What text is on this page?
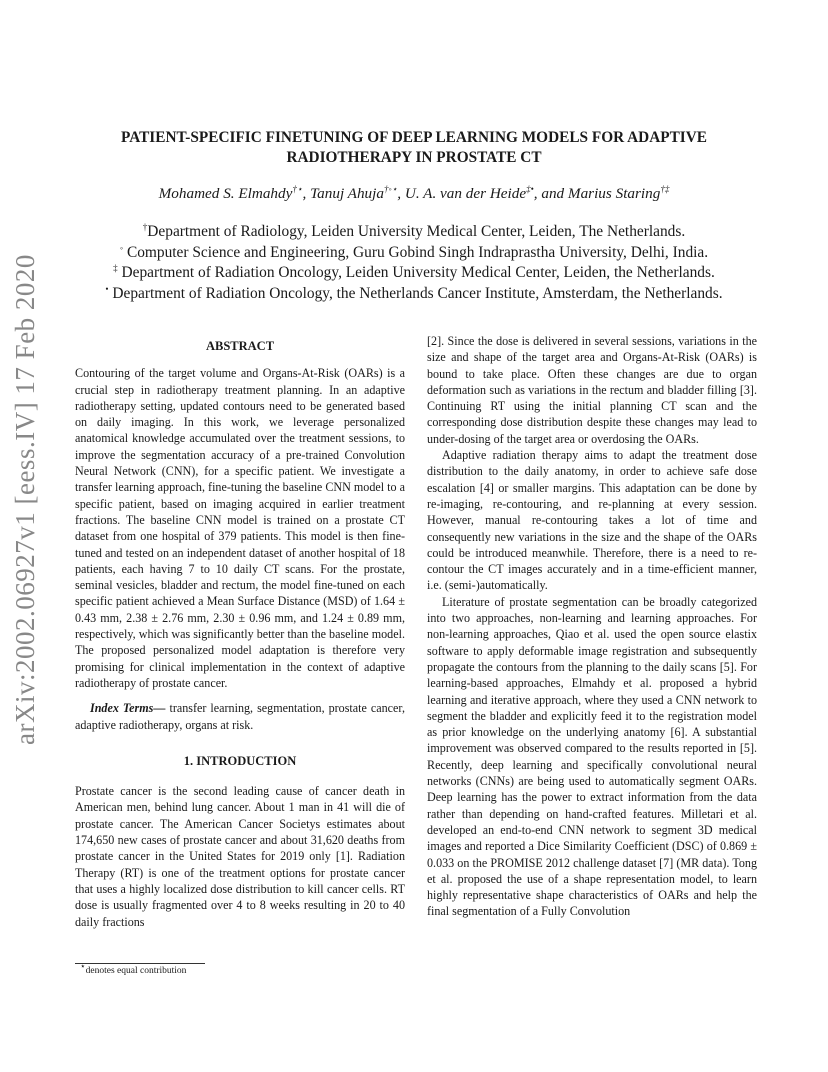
arXiv:2002.06927v1 [eess.IV] 17 Feb 2020
PATIENT-SPECIFIC FINETUNING OF DEEP LEARNING MODELS FOR ADAPTIVE
RADIOTHERAPY IN PROSTATE CT
Mohamed S. Elmahdy†⋆, Tanuj Ahuja†◦⋆, U. A. van der Heide‡•, and Marius Staring†‡
†Department of Radiology, Leiden University Medical Center, Leiden, The Netherlands.
◦ Computer Science and Engineering, Guru Gobind Singh Indraprastha University, Delhi, India.
‡ Department of Radiation Oncology, Leiden University Medical Center, Leiden, the Netherlands.
• Department of Radiation Oncology, the Netherlands Cancer Institute, Amsterdam, the Netherlands.
ABSTRACT

Contouring of the target volume and Organs-At-Risk (OARs) is a crucial step in radiotherapy treatment planning. In an adaptive radiotherapy setting, updated contours need to be generated based on daily imaging. In this work, we leverage personalized anatomical knowledge accumulated over the treatment sessions, to improve the segmentation accuracy of a pre-trained Convolution Neural Network (CNN), for a specific patient. We investigate a transfer learning approach, fine-tuning the baseline CNN model to a specific patient, based on imaging acquired in earlier treatment fractions. The baseline CNN model is trained on a prostate CT dataset from one hospital of 379 patients. This model is then fine-tuned and tested on an independent dataset of another hospital of 18 patients, each having 7 to 10 daily CT scans. For the prostate, seminal vesicles, bladder and rectum, the model fine-tuned on each specific patient achieved a Mean Surface Distance (MSD) of 1.64 ± 0.43 mm, 2.38 ± 2.76 mm, 2.30 ± 0.96 mm, and 1.24 ± 0.89 mm, respectively, which was significantly better than the baseline model. The proposed personalized model adaptation is therefore very promising for clinical implementation in the context of adaptive radiotherapy of prostate cancer.

Index Terms— transfer learning, segmentation, prostate cancer, adaptive radiotherapy, organs at risk.

1. INTRODUCTION

Prostate cancer is the second leading cause of cancer death in American men, behind lung cancer. About 1 man in 41 will die of prostate cancer. The American Cancer Societys estimates about 174,650 new cases of prostate cancer and about 31,620 deaths from prostate cancer in the United States for 2019 only [1]. Radiation Therapy (RT) is one of the treatment options for prostate cancer that uses a highly localized dose distribution to kill cancer cells. RT dose is usually fragmented over 4 to 8 weeks resulting in 20 to 40 daily fractions

[2]. Since the dose is delivered in several sessions, variations in the size and shape of the target area and Organs-At-Risk (OARs) is bound to take place. Often these changes are due to organ deformation such as variations in the rectum and bladder filling [3]. Continuing RT using the initial planning CT scan and the corresponding dose distribution despite these changes may lead to under-dosing of the target area or overdosing the OARs.

Adaptive radiation therapy aims to adapt the treatment dose distribution to the daily anatomy, in order to achieve safe dose escalation [4] or smaller margins. This adaptation can be done by re-imaging, re-contouring, and re-planning at every session. However, manual re-contouring takes a lot of time and consequently new variations in the size and the shape of the OARs could be introduced meanwhile. Therefore, there is a need to re-contour the CT images accurately and in a time-efficient manner, i.e. (semi-)automatically.

Literature of prostate segmentation can be broadly categorized into two approaches, non-learning and learning approaches. For non-learning approaches, Qiao et al. used the open source elastix software to apply deformable image registration and subsequently propagate the contours from the planning to the daily scans [5]. For learning-based approaches, Elmahdy et al. proposed a hybrid learning and iterative approach, where they used a CNN network to segment the bladder and explicitly feed it to the registration model as prior knowledge on the underlying anatomy [6]. A substantial improvement was observed compared to the results reported in [5]. Recently, deep learning and specifically convolutional neural networks (CNNs) are being used to automatically segment OARs. Deep learning has the power to extract information from the data rather than depending on hand-crafted features. Milletari et al. developed an end-to-end CNN network to segment 3D medical images and reported a Dice Similarity Coefficient (DSC) of 0.869 ± 0.033 on the PROMISE 2012 challenge dataset [7] (MR data). Tong et al. proposed the use of a shape representation model, to learn highly representative shape characteristics of OARs and help the final segmentation of a Fully Convolution

⋆denotes equal contribution
